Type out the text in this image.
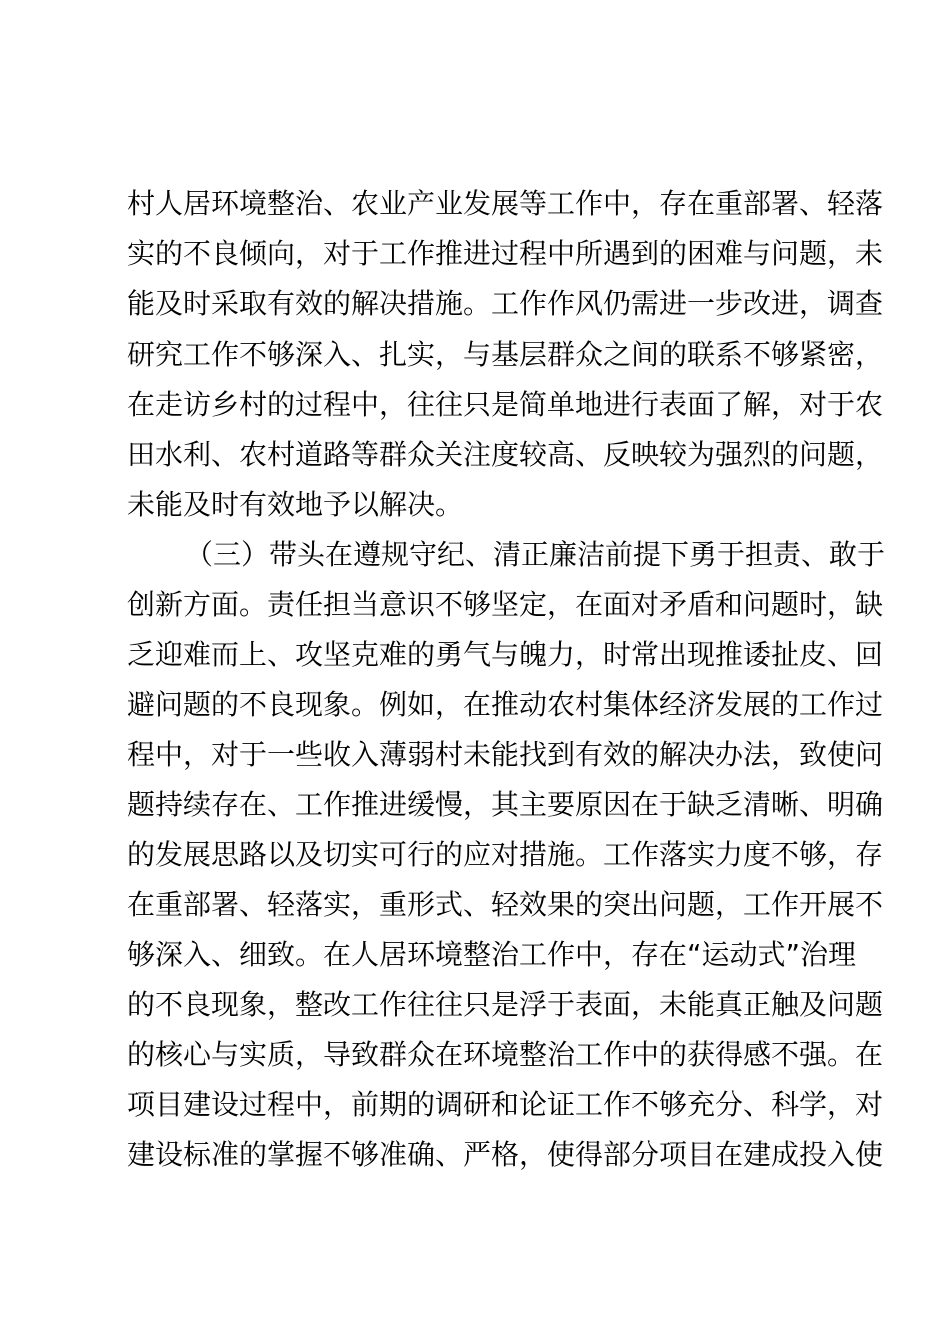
村人居环境整治、农业产业发展等工作中，存在重部署、轻落
实的不良倾向，对于工作推进过程中所遇到的困难与问题，未
能及时采取有效的解决措施。工作作风仍需进一步改进，调查
研究工作不够深入、扎实，与基层群众之间的联系不够紧密，
在走访乡村的过程中，往往只是简单地进行表面了解，对于农
田水利、农村道路等群众关注度较高、反映较为强烈的问题，
未能及时有效地予以解决。
（三）带头在遵规守纪、清正廉洁前提下勇于担责、敢于
创新方面。责任担当意识不够坚定，在面对矛盾和问题时，缺
乏迎难而上、攻坚克难的勇气与魄力，时常出现推诿扯皮、回
避问题的不良现象。例如，在推动农村集体经济发展的工作过
程中，对于一些收入薄弱村未能找到有效的解决办法，致使问
题持续存在、工作推进缓慢，其主要原因在于缺乏清晰、明确
的发展思路以及切实可行的应对措施。工作落实力度不够，存
在重部署、轻落实，重形式、轻效果的突出问题，工作开展不
够深入、细致。在人居环境整治工作中，存在“运动式”治理
的不良现象，整改工作往往只是浮于表面，未能真正触及问题
的核心与实质，导致群众在环境整治工作中的获得感不强。在
项目建设过程中，前期的调研和论证工作不够充分、科学，对
建设标准的掌握不够准确、严格，使得部分项目在建成投入使
